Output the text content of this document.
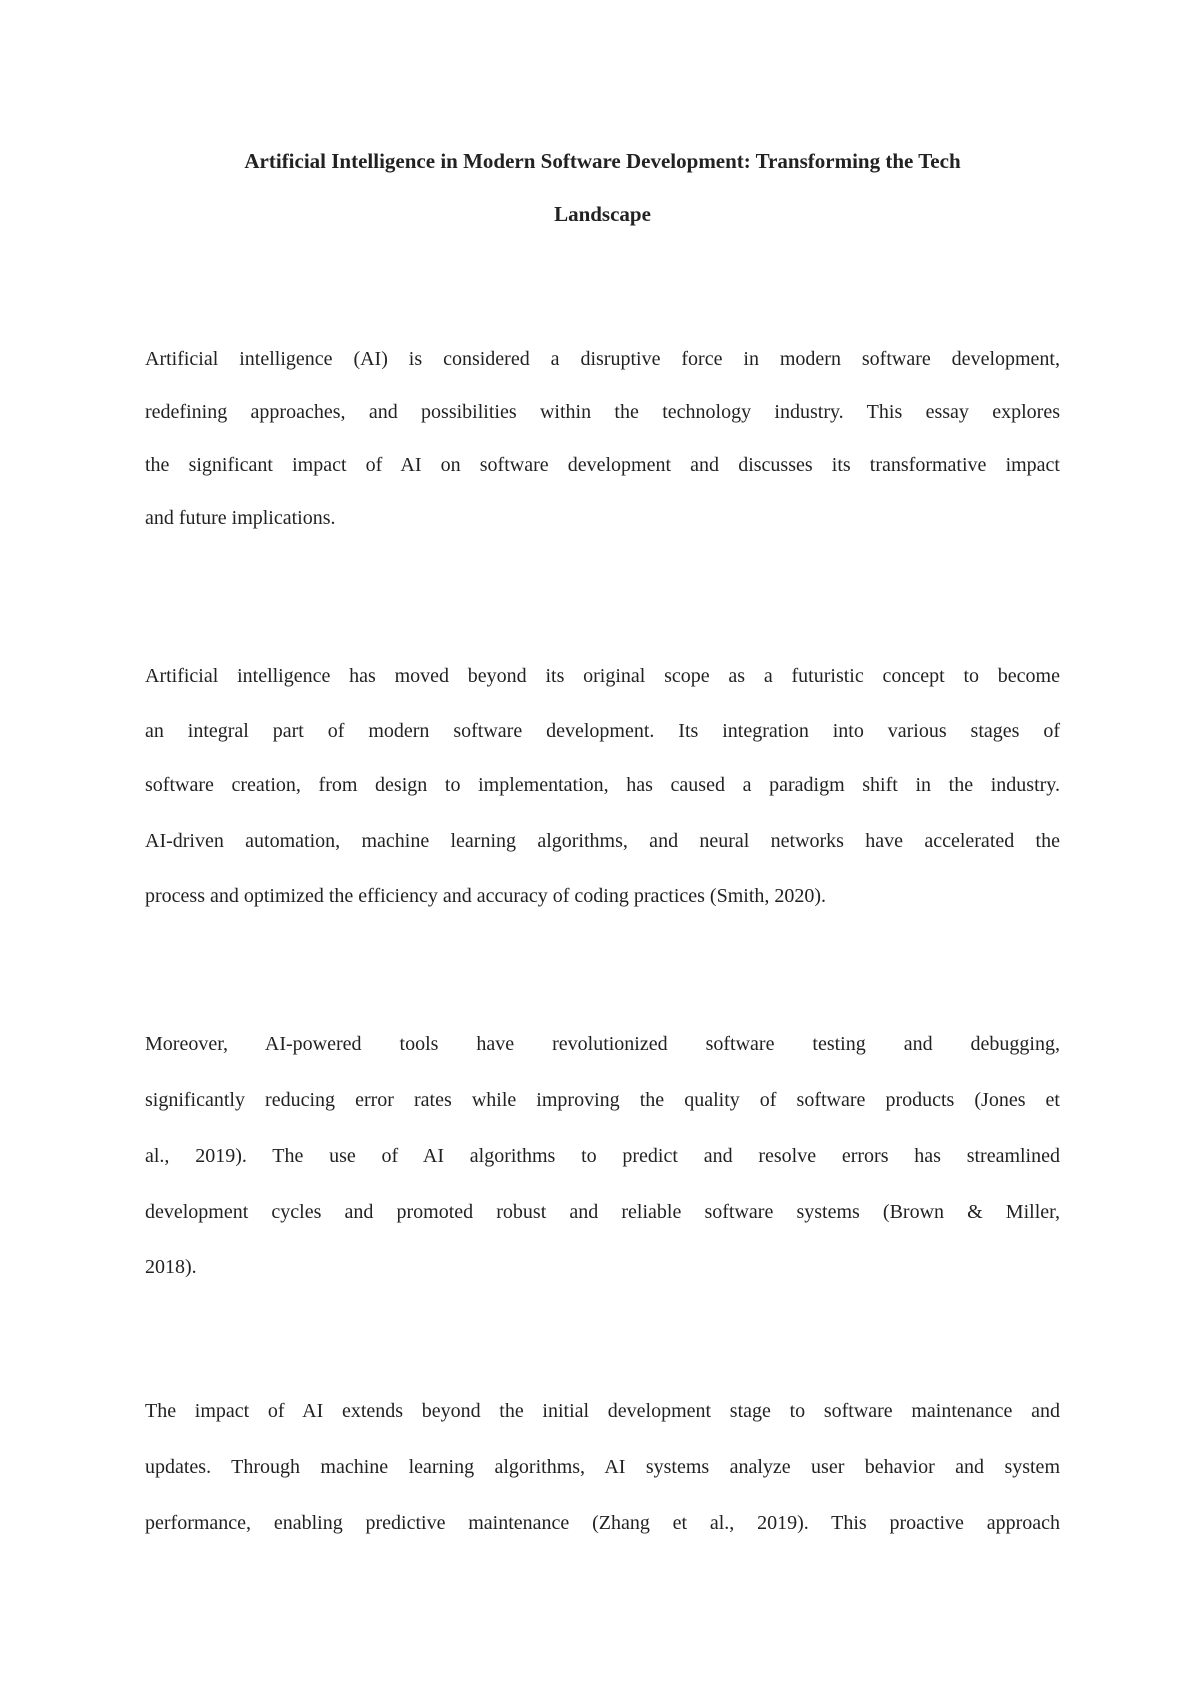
Artificial Intelligence in Modern Software Development: Transforming the Tech
Landscape
Artificial intelligence (AI) is considered a disruptive force in modern software development,
redefining approaches, and possibilities within the technology industry. This essay explores
the significant impact of AI on software development and discusses its transformative impact
and future implications.
Artificial intelligence has moved beyond its original scope as a futuristic concept to become
an integral part of modern software development. Its integration into various stages of
software creation, from design to implementation, has caused a paradigm shift in the industry.
AI-driven automation, machine learning algorithms, and neural networks have accelerated the
process and optimized the efficiency and accuracy of coding practices (Smith, 2020).
Moreover, AI-powered tools have revolutionized software testing and debugging,
significantly reducing error rates while improving the quality of software products (Jones et
al., 2019). The use of AI algorithms to predict and resolve errors has streamlined
development cycles and promoted robust and reliable software systems (Brown & Miller,
2018).
The impact of AI extends beyond the initial development stage to software maintenance and
updates. Through machine learning algorithms, AI systems analyze user behavior and system
performance, enabling predictive maintenance (Zhang et al., 2019). This proactive approach
